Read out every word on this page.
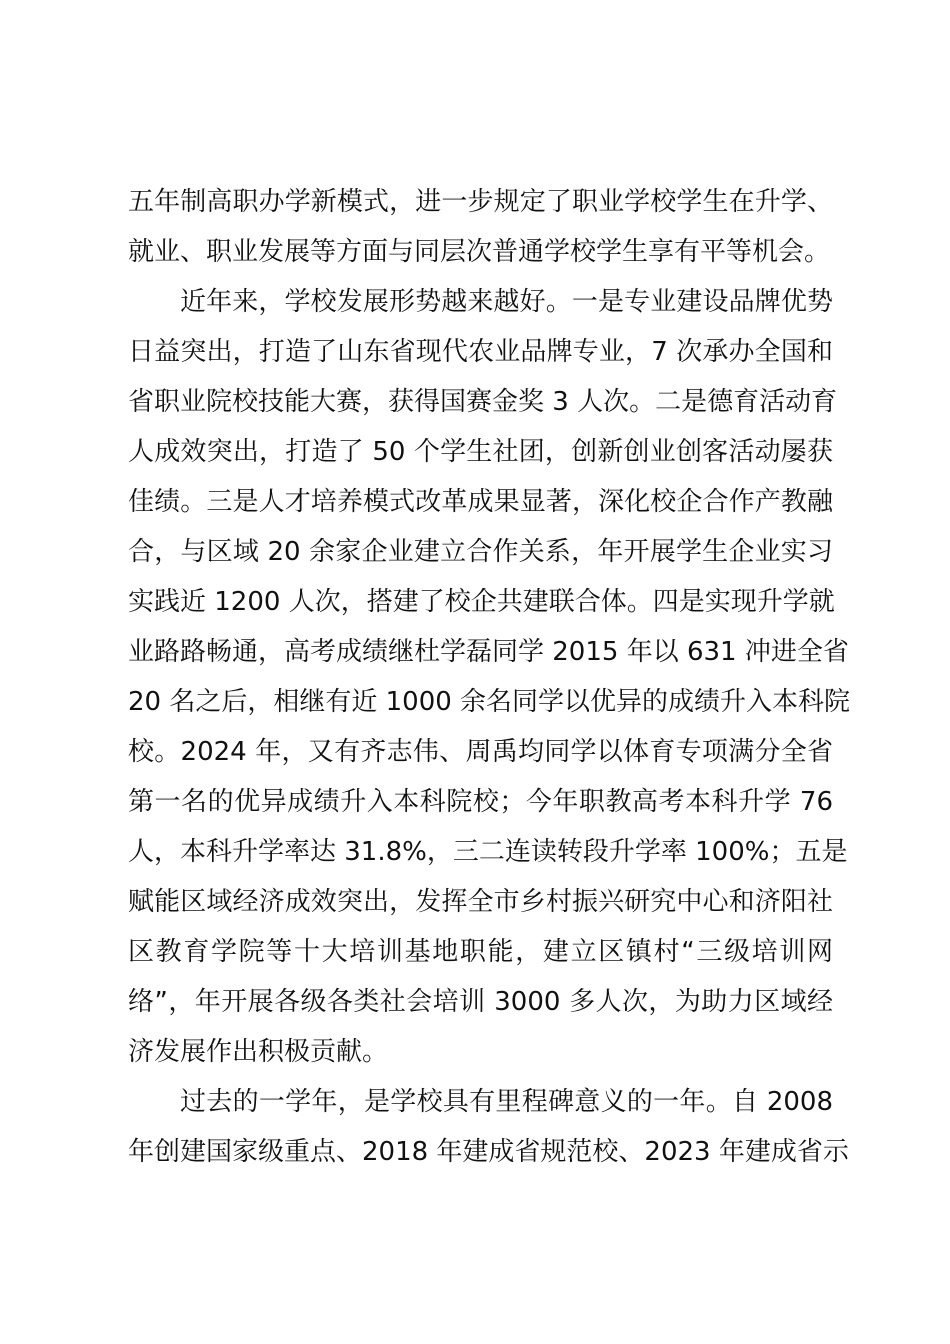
五年制高职办学新模式，进一步规定了职业学校学生在升学、
就业、职业发展等方面与同层次普通学校学生享有平等机会。
近年来，学校发展形势越来越好。一是专业建设品牌优势
日益突出，打造了山东省现代农业品牌专业，7 次承办全国和
省职业院校技能大赛，获得国赛金奖 3 人次。二是德育活动育
人成效突出，打造了 50 个学生社团，创新创业创客活动屡获
佳绩。三是人才培养模式改革成果显著，深化校企合作产教融
合，与区域 20 余家企业建立合作关系，年开展学生企业实习
实践近 1200 人次，搭建了校企共建联合体。四是实现升学就
业路路畅通，高考成绩继杜学磊同学 2015 年以 631 冲进全省
20 名之后，相继有近 1000 余名同学以优异的成绩升入本科院
校。2024 年，又有齐志伟、周禹均同学以体育专项满分全省
第一名的优异成绩升入本科院校；今年职教高考本科升学 76
人，本科升学率达 31.8%，三二连读转段升学率 100%；五是
赋能区域经济成效突出，发挥全市乡村振兴研究中心和济阳社
区教育学院等十大培训基地职能，建立区镇村“三级培训网
络”，年开展各级各类社会培训 3000 多人次，为助力区域经
济发展作出积极贡献。
过去的一学年，是学校具有里程碑意义的一年。自 2008
年创建国家级重点、2018 年建成省规范校、2023 年建成省示
